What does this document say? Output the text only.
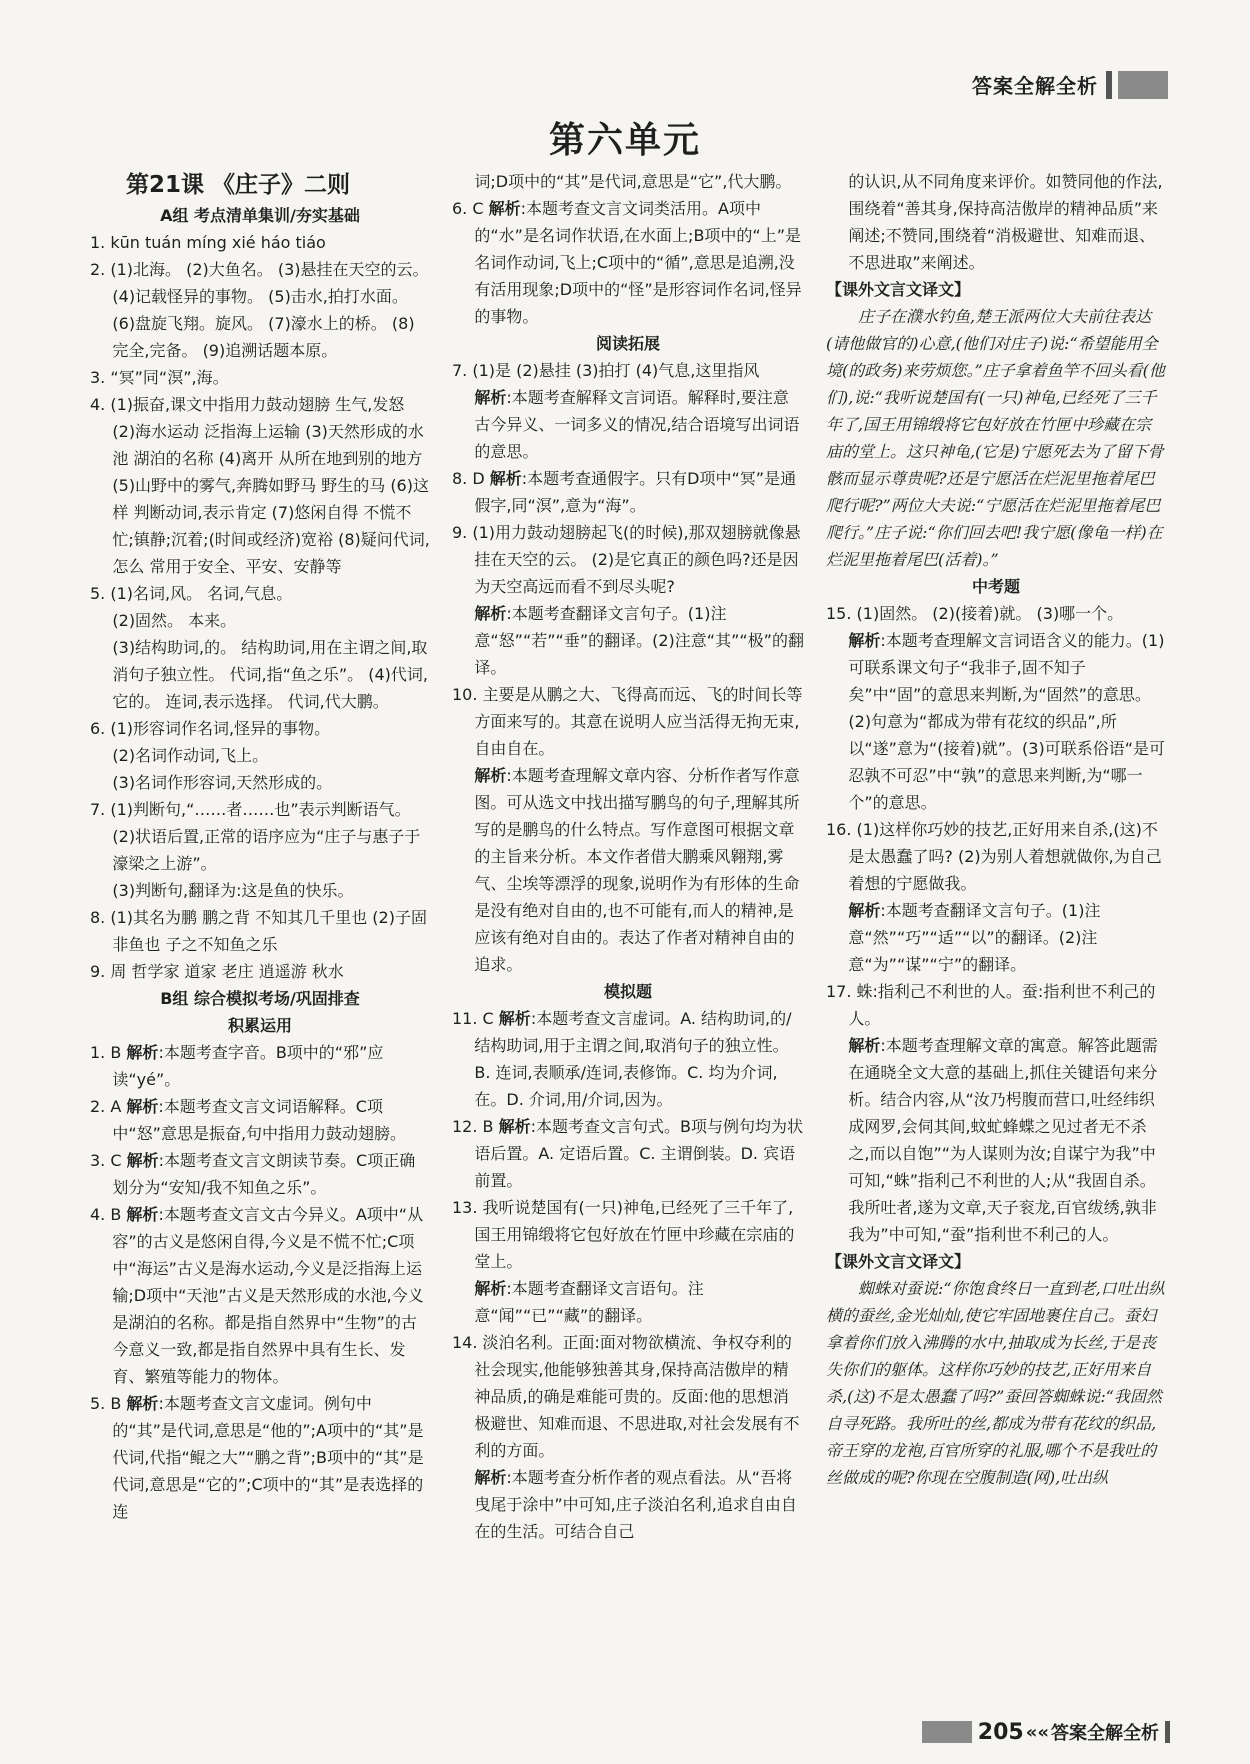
答案全解全析
第六单元
第21课 《庄子》二则
A组 考点清单集训/夯实基础
1. kūn tuán míng xié háo tiáo
2. (1)北海。 (2)大鱼名。 (3)悬挂在天空的云。 (4)记载怪异的事物。 (5)击水,拍打水面。 (6)盘旋飞翔。旋风。 (7)濠水上的桥。 (8)完全,完备。 (9)追溯话题本原。
3. “冥”同“溟”,海。
4. (1)振奋,课文中指用力鼓动翅膀 生气,发怒 (2)海水运动 泛指海上运输 (3)天然形成的水池 湖泊的名称 (4)离开 从所在地到别的地方 (5)山野中的雾气,奔腾如野马 野生的马 (6)这样 判断动词,表示肯定 (7)悠闲自得 不慌不忙;镇静;沉着;(时间或经济)宽裕 (8)疑问代词,怎么 常用于安全、平安、安静等
5. (1)名词,风。 名词,气息。
(2)固然。 本来。
(3)结构助词,的。 结构助词,用在主谓之间,取消句子独立性。 代词,指“鱼之乐”。 (4)代词,它的。 连词,表示选择。 代词,代大鹏。
6. (1)形容词作名词,怪异的事物。
(2)名词作动词,飞上。
(3)名词作形容词,天然形成的。
7. (1)判断句,“……者……也”表示判断语气。
(2)状语后置,正常的语序应为“庄子与惠子于濠梁之上游”。
(3)判断句,翻译为:这是鱼的快乐。
8. (1)其名为鹏 鹏之背 不知其几千里也 (2)子固非鱼也 子之不知鱼之乐
9. 周 哲学家 道家 老庄 逍遥游 秋水
B组 综合模拟考场/巩固排查
积累运用
1. B 解析:本题考查字音。B项中的“邪”应读“yé”。
2. A 解析:本题考查文言文词语解释。C项中“怒”意思是振奋,句中指用力鼓动翅膀。
3. C 解析:本题考查文言文朗读节奏。C项正确划分为“安知/我不知鱼之乐”。
4. B 解析:本题考查文言文古今异义。A项中“从容”的古义是悠闲自得,今义是不慌不忙;C项中“海运”古义是海水运动,今义是泛指海上运输;D项中“天池”古义是天然形成的水池,今义是湖泊的名称。都是指自然界中“生物”的古今意义一致,都是指自然界中具有生长、发育、繁殖等能力的物体。
5. B 解析:本题考查文言文虚词。例句中的“其”是代词,意思是“他的”;A项中的“其”是代词,代指“鲲之大”“鹏之背”;B项中的“其”是代词,意思是“它的”;C项中的“其”是表选择的连
词;D项中的“其”是代词,意思是“它”,代大鹏。
6. C 解析:本题考查文言文词类活用。A项中的“水”是名词作状语,在水面上;B项中的“上”是名词作动词,飞上;C项中的“循”,意思是追溯,没有活用现象;D项中的“怪”是形容词作名词,怪异的事物。
阅读拓展
7. (1)是 (2)悬挂 (3)拍打 (4)气息,这里指风
解析:本题考查解释文言词语。解释时,要注意古今异义、一词多义的情况,结合语境写出词语的意思。
8. D 解析:本题考查通假字。只有D项中“冥”是通假字,同“溟”,意为“海”。
9. (1)用力鼓动翅膀起飞(的时候),那双翅膀就像悬挂在天空的云。 (2)是它真正的颜色吗?还是因为天空高远而看不到尽头呢?
解析:本题考查翻译文言句子。(1)注意“怒”“若”“垂”的翻译。(2)注意“其”“极”的翻译。
10. 主要是从鹏之大、飞得高而远、飞的时间长等方面来写的。其意在说明人应当活得无拘无束,自由自在。
解析:本题考查理解文章内容、分析作者写作意图。可从选文中找出描写鹏鸟的句子,理解其所写的是鹏鸟的什么特点。写作意图可根据文章的主旨来分析。本文作者借大鹏乘风翱翔,雾气、尘埃等漂浮的现象,说明作为有形体的生命是没有绝对自由的,也不可能有,而人的精神,是应该有绝对自由的。表达了作者对精神自由的追求。
模拟题
11. C 解析:本题考查文言虚词。A. 结构助词,的/结构助词,用于主谓之间,取消句子的独立性。B. 连词,表顺承/连词,表修饰。C. 均为介词,在。D. 介词,用/介词,因为。
12. B 解析:本题考查文言句式。B项与例句均为状语后置。A. 定语后置。C. 主谓倒装。D. 宾语前置。
13. 我听说楚国有(一只)神龟,已经死了三千年了,国王用锦缎将它包好放在竹匣中珍藏在宗庙的堂上。
解析:本题考查翻译文言语句。注意“闻”“已”“藏”的翻译。
14. 淡泊名利。正面:面对物欲横流、争权夺利的社会现实,他能够独善其身,保持高洁傲岸的精神品质,的确是难能可贵的。反面:他的思想消极避世、知难而退、不思进取,对社会发展有不利的方面。
解析:本题考查分析作者的观点看法。从“吾将曳尾于涂中”中可知,庄子淡泊名利,追求自由自在的生活。可结合自己
的认识,从不同角度来评价。如赞同他的作法,围绕着“善其身,保持高洁傲岸的精神品质”来阐述;不赞同,围绕着“消极避世、知难而退、不思进取”来阐述。
【课外文言文译文】
庄子在濮水钓鱼,楚王派两位大夫前往表达(请他做官的)心意,(他们对庄子)说:“希望能用全境(的政务)来劳烦您。”庄子拿着鱼竿不回头看(他们),说:“我听说楚国有(一只)神龟,已经死了三千年了,国王用锦缎将它包好放在竹匣中珍藏在宗庙的堂上。这只神龟,(它是)宁愿死去为了留下骨骸而显示尊贵呢?还是宁愿活在烂泥里拖着尾巴爬行呢?”两位大夫说:“宁愿活在烂泥里拖着尾巴爬行。”庄子说:“你们回去吧!我宁愿(像龟一样)在烂泥里拖着尾巴(活着)。”
中考题
15. (1)固然。 (2)(接着)就。 (3)哪一个。
解析:本题考查理解文言词语含义的能力。(1)可联系课文句子“我非子,固不知子矣”中“固”的意思来判断,为“固然”的意思。(2)句意为“都成为带有花纹的织品”,所以“遂”意为“(接着)就”。(3)可联系俗语“是可忍孰不可忍”中“孰”的意思来判断,为“哪一个”的意思。
16. (1)这样你巧妙的技艺,正好用来自杀,(这)不是太愚蠢了吗? (2)为别人着想就做你,为自己着想的宁愿做我。
解析:本题考查翻译文言句子。(1)注意“然”“巧”“适”“以”的翻译。(2)注意“为”“谋”“宁”的翻译。
17. 蛛:指利己不利世的人。蚕:指利世不利己的人。
解析:本题考查理解文章的寓意。解答此题需在通晓全文大意的基础上,抓住关键语句来分析。结合内容,从“汝乃枵腹而营口,吐经纬织成网罗,会伺其间,蚊虻蜂蝶之见过者无不杀之,而以自饱”“为人谋则为汝;自谋宁为我”中可知,“蛛”指利己不利世的人;从“我固自杀。我所吐者,遂为文章,天子衮龙,百官绂绣,孰非我为”中可知,“蚕”指利世不利己的人。
【课外文言文译文】
蜘蛛对蚕说:“你饱食终日一直到老,口吐出纵横的蚕丝,金光灿灿,使它牢固地裹住自己。蚕妇拿着你们放入沸腾的水中,抽取成为长丝,于是丧失你们的躯体。这样你巧妙的技艺,正好用来自杀,(这)不是太愚蠢了吗?”蚕回答蜘蛛说:“我固然自寻死路。我所吐的丝,都成为带有花纹的织品,帝王穿的龙袍,百官所穿的礼服,哪个不是我吐的丝做成的呢?你现在空腹制造(网),吐出纵
205 «« 答案全解全析
